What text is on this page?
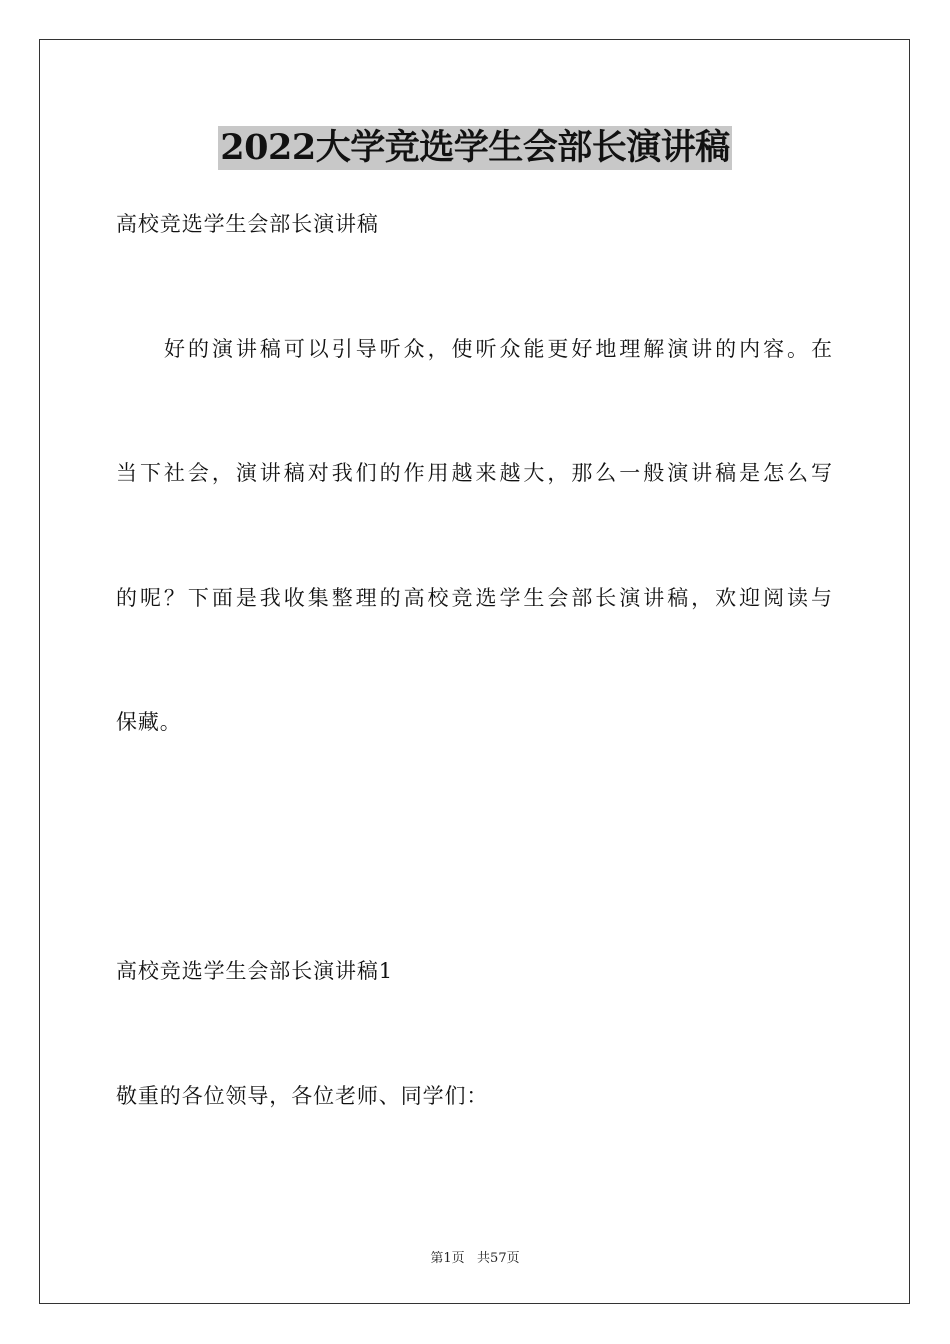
2022大学竞选学生会部长演讲稿
高校竞选学生会部长演讲稿
好的演讲稿可以引导听众，使听众能更好地理解演讲的内容。在
当下社会，演讲稿对我们的作用越来越大，那么一般演讲稿是怎么写
的呢？下面是我收集整理的高校竞选学生会部长演讲稿，欢迎阅读与
保藏。
高校竞选学生会部长演讲稿1
敬重的各位领导，各位老师、同学们：
第1页   共57页
